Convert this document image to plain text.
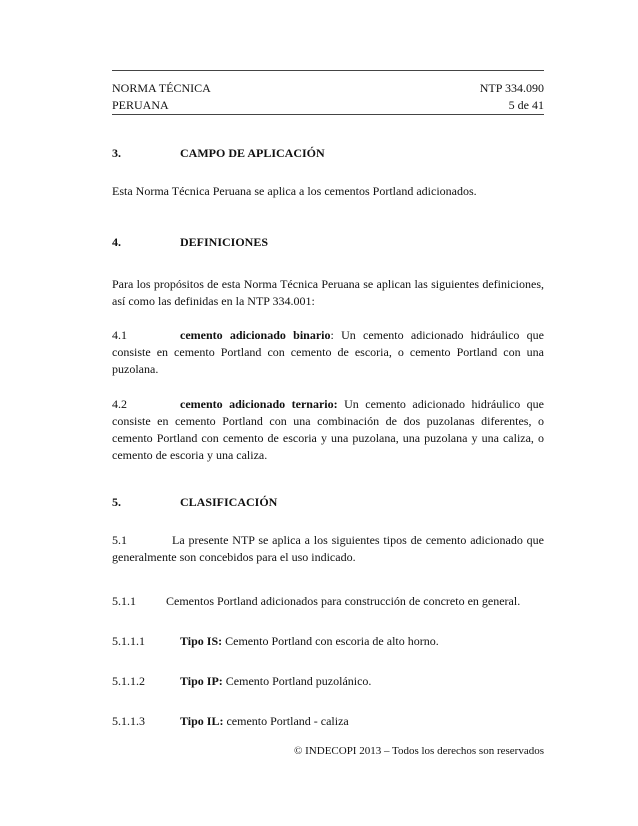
NORMA TÉCNICA
PERUANA
NTP 334.090
5 de 41
3.	CAMPO DE APLICACIÓN
Esta Norma Técnica Peruana se aplica a los cementos Portland adicionados.
4.	DEFINICIONES
Para los propósitos de esta Norma Técnica Peruana se aplican las siguientes definiciones, así como las definidas en la NTP 334.001:
4.1	cemento adicionado binario: Un cemento adicionado hidráulico que consiste en cemento Portland con cemento de escoria, o cemento Portland con una puzolana.
4.2	cemento adicionado ternario: Un cemento adicionado hidráulico que consiste en cemento Portland con una combinación de dos puzolanas diferentes, o cemento Portland con cemento de escoria y una puzolana, una puzolana y una caliza, o cemento de escoria y una caliza.
5.	CLASIFICACIÓN
5.1	La presente NTP se aplica a los siguientes tipos de cemento adicionado que generalmente son concebidos para el uso indicado.
5.1.1	Cementos Portland adicionados para construcción de concreto en general.
5.1.1.1	Tipo IS: Cemento Portland con escoria de alto horno.
5.1.1.2	Tipo IP: Cemento Portland puzolánico.
5.1.1.3	Tipo IL: cemento Portland - caliza
© INDECOPI 2013 – Todos los derechos son reservados
